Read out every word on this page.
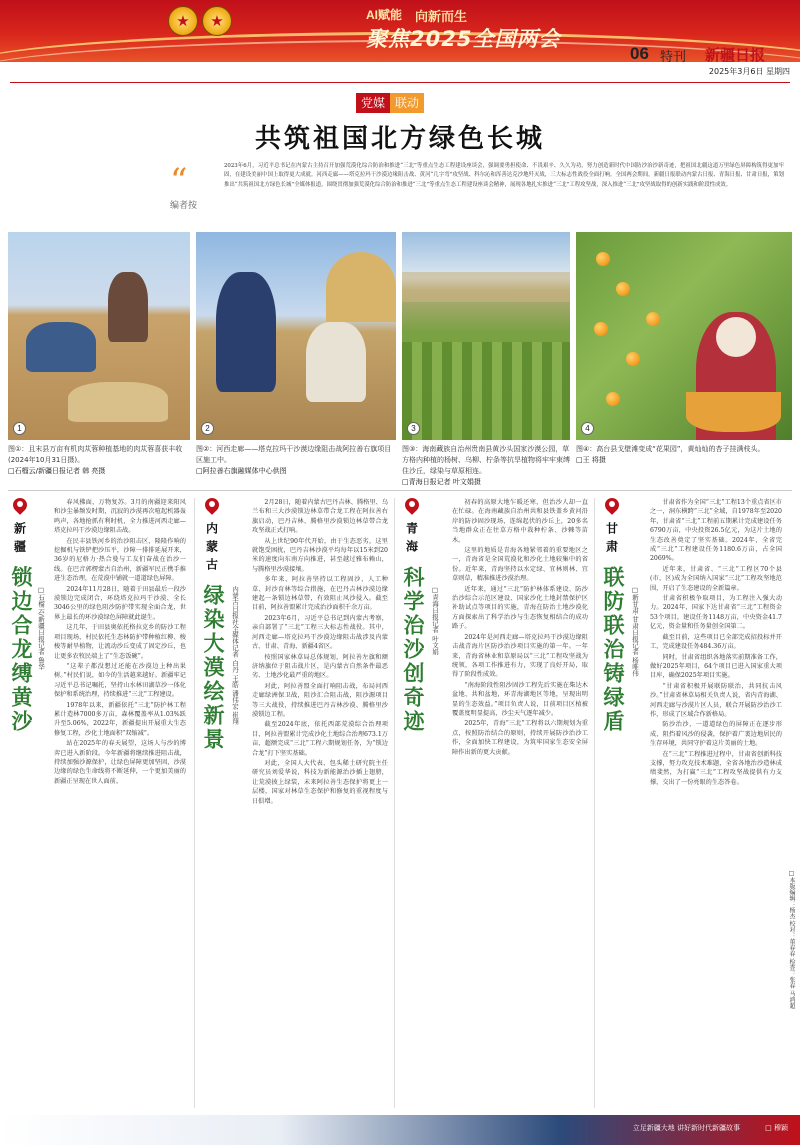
★
★
AI赋能 向新而生
聚焦2025全国两会
06 特刊 新疆日报
2025年3月6日 星期四
党媒 联动
共筑祖国北方绿色长城
“
编者按

2023年6月，习近平总书记在内蒙古主持召开加强荒漠化综合防治和推进“三北”等重点生态工程建设座谈会，强调要勇担使命、不畏艰辛、久久为功，努力创造新时代中国防沙治沙新奇迹，把祖国北疆这道万里绿色屏障构筑得更加牢固，在建设美丽中国上取得更大成就。河西走廊——塔克拉玛干沙漠边缘阻击战、黄河“几字弯”攻坚战、科尔沁和浑善达克沙地歼灭战，三大标志性战役全面打响。全国两会期间，新疆日报联动内蒙古日报、青海日报、甘肃日报，策划推出“共筑祖国北方绿色长城”全媒体报道，围绕贯彻加强荒漠化综合防治和推进“三北”等重点生态工程建设座谈会精神，展现各地扎实推进“三北”工程攻坚战，深入推进“三北”攻坚战取得的创新实践和阶段性成效。

1	2	3	4
图①：且末县万亩有机肉苁蓉种植基地的肉苁蓉喜获丰收(2024年10月31日摄)。
□石榴云/新疆日报记者 韩 亮摄
图②：河西走廊——塔克拉玛干沙漠边缘阻击战阿拉善右旗项目区施工中。
□阿拉善右旗融媒体中心供图
图③：海南藏族自治州贵南县黄沙头国家沙漠公园，草方格内种植的杨树、乌柳、柠条等抗旱植物将牢牢束缚住沙丘，绿染与草原相连。
□青海日报记者 叶文娟摄
图④：高台县戈壁滩变成“花果园”，黄灿灿的杏子挂满枝头。
□王 将摄
新疆
锁边合龙缚黄沙 □石榴云/新疆日报记者 鲁华

春风拂面，万物复苏。3月的南疆迎来阳风和沙尘暴频发时期，沉寂的沙漠再次喧起机器轰鸣声，各地抢抓有利时机，全力推进河西走廊—塔克拉玛干沙漠边缘阻击战。

在民丰县铁河乡的治沙阻击区，隆隆作响的挖掘机与铁铲把沙压平，沙障一排排延展开来，36岁的尼格力·热合曼与工友们奋战在治沙一线。在巴音郭楞蒙古自治州，新疆军民正携手推进生态治理，在荒漠中铺就一道道绿色屏障。

2024年11月28日，随着于田县最后一段沙漠锁边完成闭合，环绕塔克拉玛干沙漠、全长3046公里的绿色阻沙防护带实现全面合龙，世界上最长的环沙漠绿色屏障就此诞生。

这几年，于田县奥依托格拉克乡的防沙工程项目现场，村民依托生态林防护带种植红柳、梭梭等耐旱植物，让流动沙丘变成了固定沙丘，也让更多农牧民端上了“生态饭碗”。

“这辈子都没想过还能在沙漠边上种出果树。”村民们说，如今的生活越来越好。新疆牢记习近平总书记嘱托，坚持山水林田湖草沙一体化保护和系统治理，持续推进“三北”工程建设。

1978年以来，新疆依托“三北”防护林工程累计造林7000多万亩，森林覆盖率从1.03%跃升至5.06%，2022年，新疆提出开展重大生态修复工程，沙化土地面积“双缩减”。

站在2025年的春天展望，这场人与沙的博弈已进入新阶段。今年新疆将继续推进阻击战，持续加强沙源保护，让绿色屏障更加坚固，沙漠边缘的绿色生命线将不断延伸，一个更加美丽的新疆正呈现在世人面前。

内蒙古
绿染大漠绘新景 内蒙古日报社全媒体记者 白丹 王皓 潘伟宏 崔翔

2月28日，随着内蒙古巴丹吉林、腾格里、乌兰布和三大沙漠锁边林草带合龙工程在阿拉善右旗启动，巴丹吉林、腾格里沙漠锁边林草带合龙攻坚战正式打响。

从上世纪90年代开始，由于生态恶劣，这里就饱受困扰，巴丹吉林沙漠平均每年以15米到20米的速度向东南方向推进，甚至越过雅布赖山，与腾格里沙漠接壤。

多年来，阿拉善坚持以工程固沙、人工种草、封沙育林等综合措施，在巴丹吉林沙漠边缘建起一条锁边林草带，有效阻止风沙侵入。截至目前，阿拉善盟累计完成治沙面积千余万亩。

2023年6月，习近平总书记到内蒙古考察，亲自部署了“三北”工程三大标志性战役。其中，河西走廊—塔克拉玛干沙漠边缘阻击战涉及内蒙古、甘肃、青海、新疆4省区。

按照国家林草局总体规划，阿拉善左旗和额济纳旗位于阻击战片区，是内蒙古自然条件最恶劣、土地沙化最严重的地区。

对此，阿拉善盟全面打响阻击战，布局河西走廊绿洲保卫战，阻沙汇合阻击战，阻沙源项目等三大战役，持续推进巴丹吉林沙漠、腾格里沙漠锁边工程。

截至2024年底，依托西部荒漠综合治理项目，阿拉善盟累计完成沙化土地综合治理673.1万亩，超额完成“三北”工程六期规划任务，为“锁边合龙”打下坚实基础。

对此，全国人大代表、包头稀土研究院主任研究员刘爱华说，科技为新能源治沙插上翅膀，让荒漠披上绿装，未来阿拉善生态保护将更上一层楼，国家对林草生态保护和修复的重视程度与日俱增。

青海
科学治沙创奇迹 □青海日报记者 叶文娟

初春的高原大地乍暖还寒，但治沙人却一直在忙碌。在海南藏族自治州共和县铁盖乡黄河沿岸的防沙固沙现场，连绵起伏的沙丘上，20多名当地群众正在往草方格中栽种柠条、沙棘等苗木。

这里的地质是青海各地紧邻着的重要地区之一，青海省是全国荒漠化和沙化土地较集中的省份。近年来，青海坚持以水定绿、宜林则林、宜草则草，精准推进沙漠治理。

近年来，通过“三北”防护林体系建设、防沙治沙综合示范区建设、国家沙化土地封禁保护区补助试点等项目的实施，青海在防治土地沙漠化方面探索出了科学治沙与生态恢复相结合的成功路子。

2024年是河西走廊—塔克拉玛干沙漠边缘阻击战青海片区防沙治沙项目实施的第一年。一年来，青海省林业和草原局以“三北”工程攻坚战为统领，各项工作推进有力，实现了良好开局，取得了阶段性成效。

“南海阶段性阻沙固沙工程先后实施在柴达木盆地、共和盆地，环青海湖地区等地，呈现出明显的生态效益。”项目负责人说，目前项目区植被覆盖度明显提高，沙尘天气逐年减少。

2025年，青海“三北”工程将以六期规划为重点，按照防治结合的原则，持续开展防沙治沙工作，全面加快工程建设，为筑牢国家生态安全屏障作出新的更大贡献。

甘肃
联防联治铸绿盾 □新甘肃·甘肃日报记者 杨唯伟

甘肃省作为全国“三北”工程13个重点省区市之一，洞东横跨“三北”全域，自1978年至2020年，甘肃省“三北”工程前五期累计完成建设任务6790万亩，中央投资26.5亿元，为这片土地的生态改善奠定了坚实基础。2024年，全省完成“三北”工程建设任务1180.6万亩，占全国2069%。

近年来，甘肃省、“三北”工程区70个县(市、区)成为全国纳入国家“三北”工程攻坚地范围，开启了生态建设的全新篇章。

甘肃省积极争取项目，为工程注入强大动力。2024年，国家下达甘肃省“三北”工程资金53个项目，建设任务1148万亩，中央资金41.7亿元，资金量和任务量创全国第二。

截至目前，这些项目已全部完成招投标并开工，完成建设任务484.36万亩。

同时，甘肃省组织各地落实前期准备工作，做好2025年项目，64个项目已进入国家重大项目库，确保2025年项目实施。

“甘肃省积极开展联防联治，共同抗击风沙。”甘肃省林草局相关负责人说，省内青海湖、河西走廊与沙漠片区人员，联合开展防沙治沙工作，形成了区域合作新格局。

防沙治沙，一道道绿色的屏障正在逐步形成，阻挡着风沙的侵袭，保护着广袤边地居民的生存环境，共同守护着这片美丽的土地。

在“三北”工程推进过程中，甘肃省创新科技支撑，努力攻克技术难题，全省各地治沙造林成绩斐然，为打赢“三北”工程攻坚战提供有力支撑，交出了一份亮眼的生态答卷。

□本版编辑：杨杰 校对：董春春 检查：张春 马鸿超
立足新疆大地 讲好新时代新疆故事	□ 穆颖
